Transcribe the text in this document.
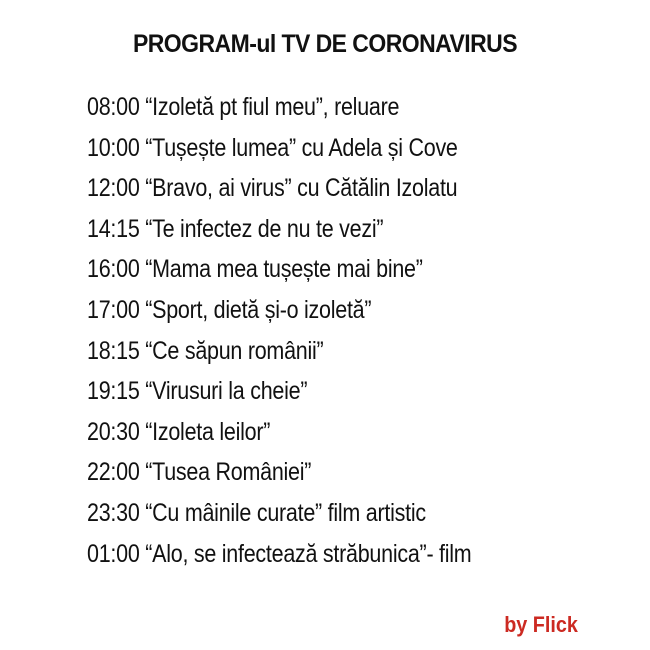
PROGRAM-ul TV DE CORONAVIRUS
08:00 “Izoletă pt fiul meu”, reluare
10:00 “Tușește lumea” cu Adela și Cove
12:00 “Bravo, ai virus” cu Cătălin Izolatu
14:15 “Te infectez de nu te vezi”
16:00 “Mama mea tușește mai bine”
17:00 “Sport, dietă și-o izoletă”
18:15 “Ce săpun românii”
19:15 “Virusuri la cheie”
20:30 “Izoleta leilor”
22:00 “Tusea României”
23:30 “Cu mâinile curate” film artistic
01:00 “Alo, se infectează străbunica”- film
by Flick
